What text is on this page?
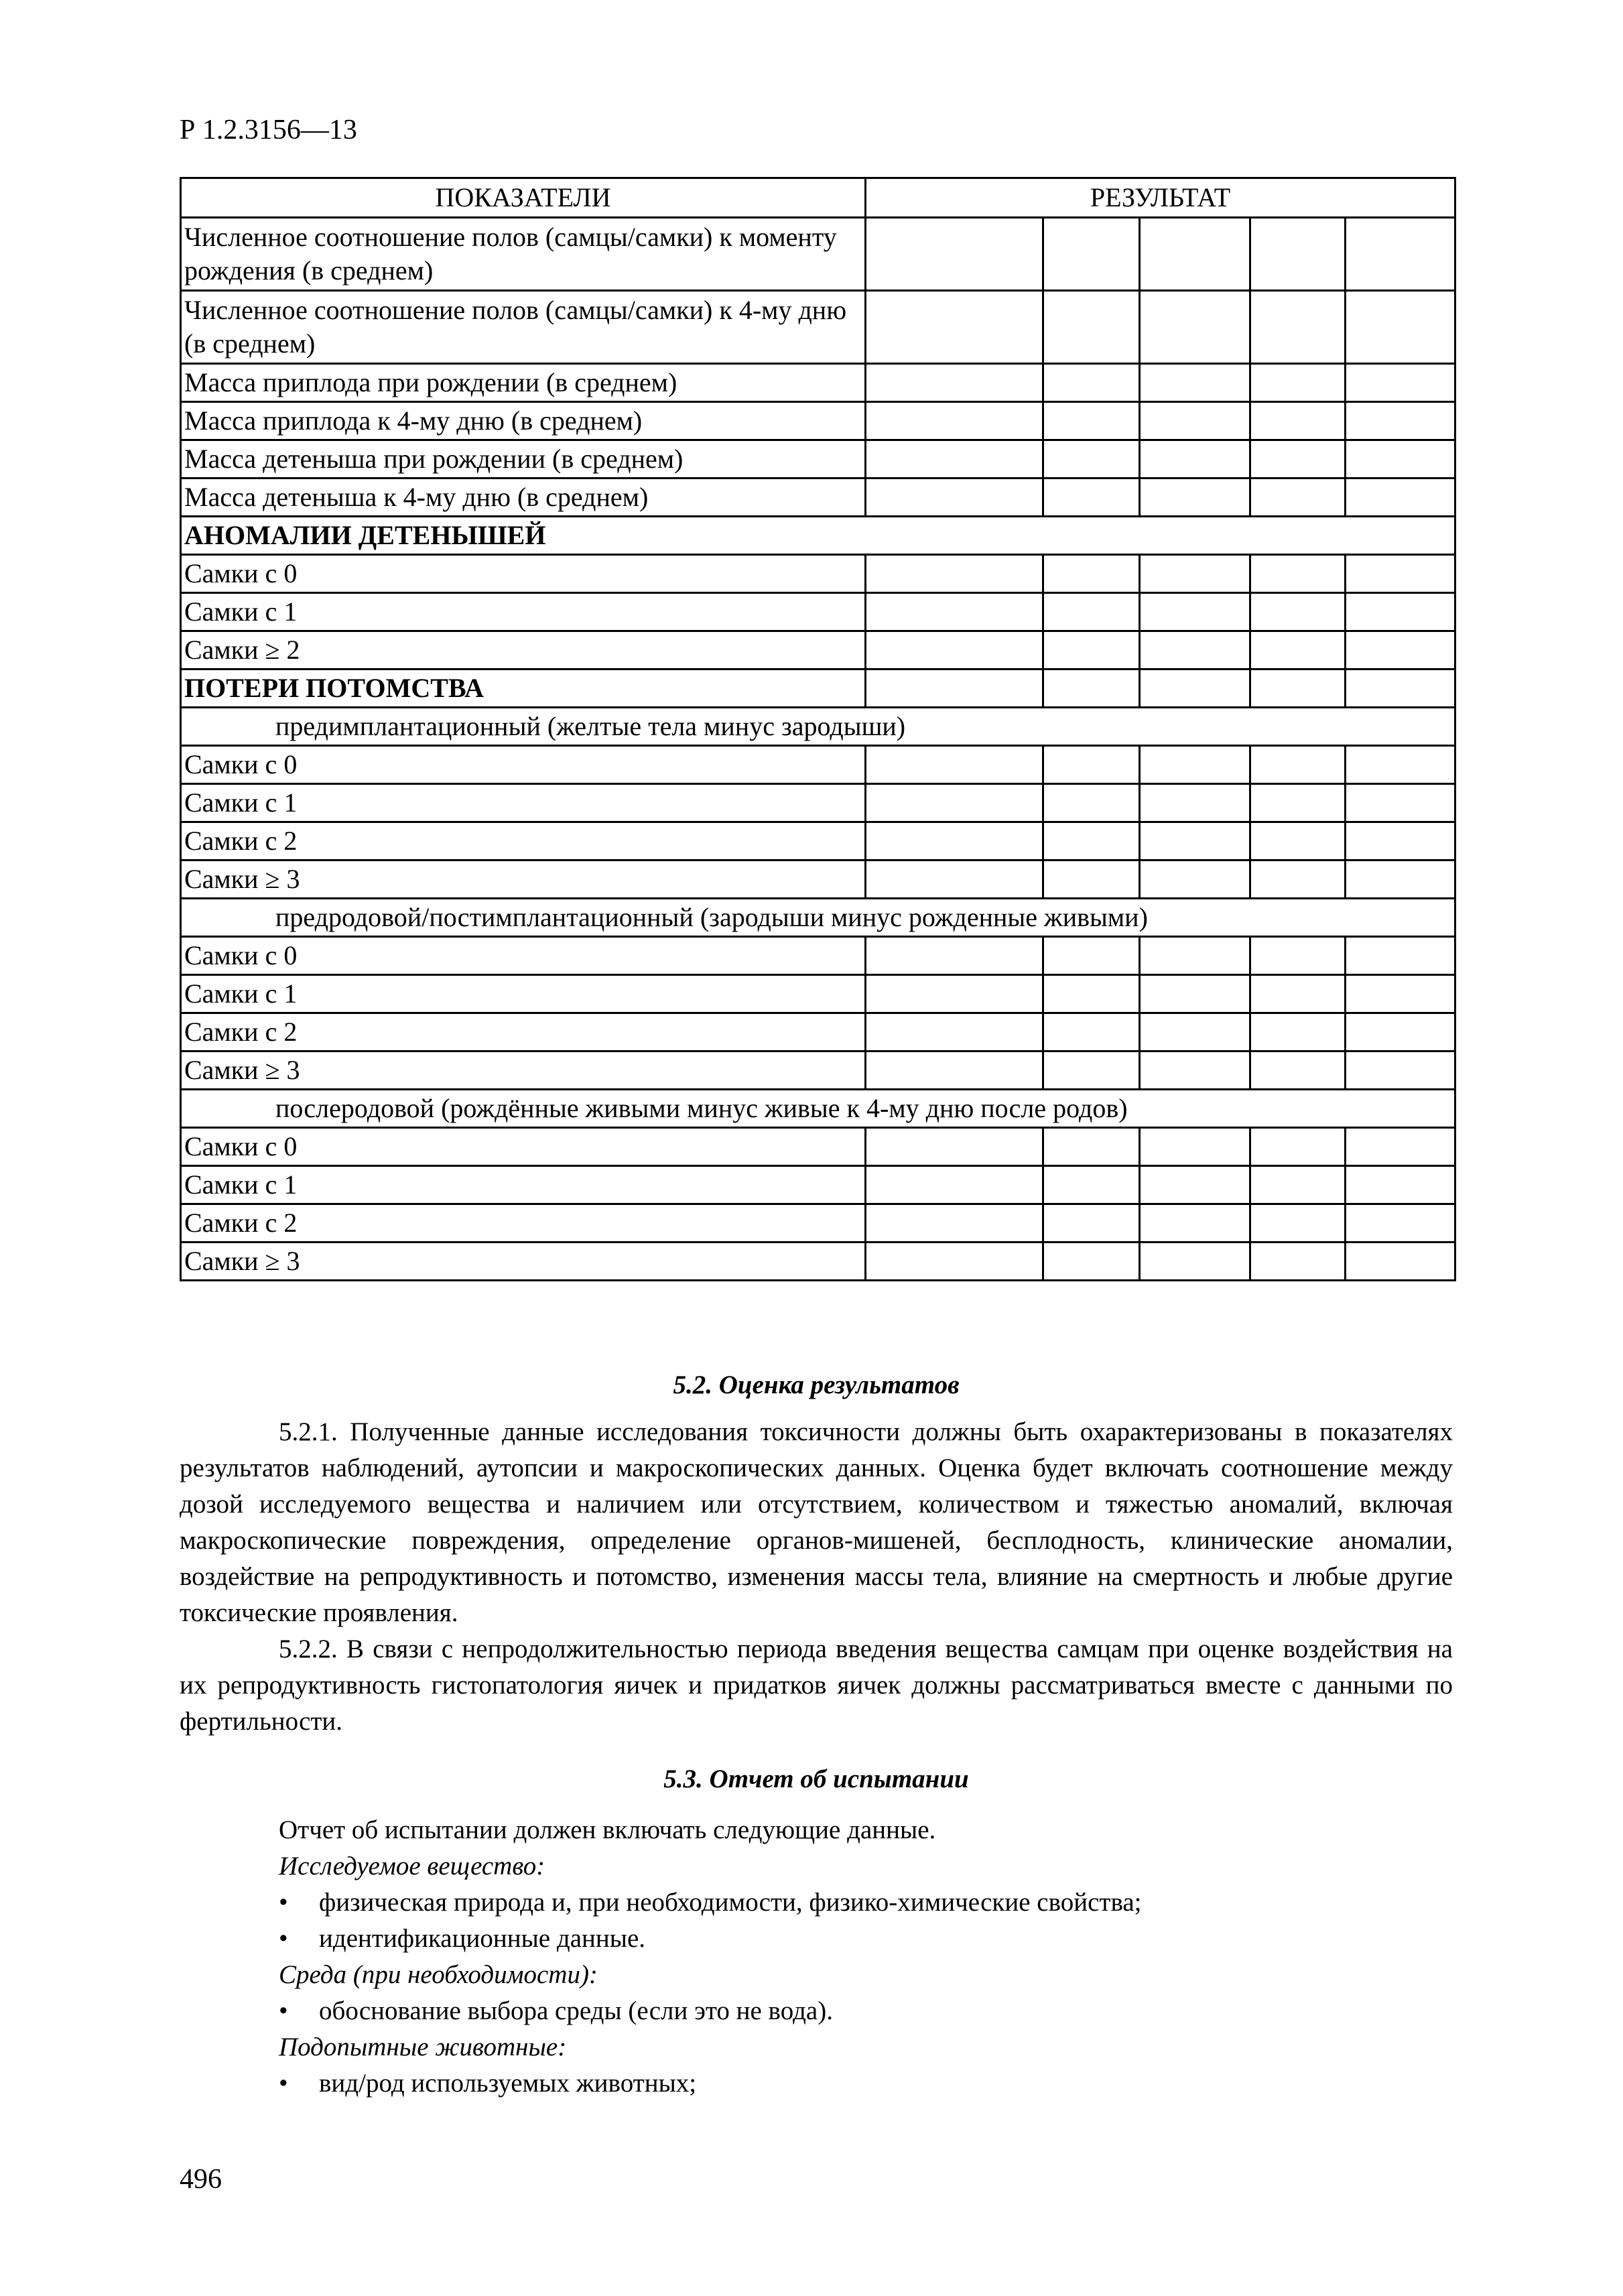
Р 1.2.3156—13
ПОКАЗАТЕЛИ	РЕЗУЛЬТАТ				
Численное соотношение полов (самцы/самки) к моменту рождения (в среднем)					
Численное соотношение полов (самцы/самки) к 4-му дню (в среднем)					
Масса приплода при рождении (в среднем)					
Масса приплода к 4-му дню (в среднем)					
Масса детеныша при рождении (в среднем)					
Масса детеныша к 4-му дню (в среднем)					
АНОМАЛИИ ДЕТЕНЫШЕЙ					
Самки с 0					
Самки с 1					
Самки ≥ 2					
ПОТЕРИ ПОТОМСТВА					
предимплантационный (желтые тела минус зародыши)					
Самки с 0					
Самки с 1					
Самки с 2					
Самки ≥ 3					
предродовой/постимплантационный (зародыши минус рожденные живыми)					
Самки с 0					
Самки с 1					
Самки с 2					
Самки ≥ 3					
послеродовой (рождённые живыми минус живые к 4-му дню после родов)					
Самки с 0					
Самки с 1					
Самки с 2					
Самки ≥ 3					
5.2. Оценка результатов

5.2.1. Полученные данные исследования токсичности должны быть охарактеризованы в показателях результатов наблюдений, аутопсии и макроскопических данных. Оценка будет включать соотношение между дозой исследуемого вещества и наличием или отсутствием, количеством и тяжестью аномалий, включая макроскопические повреждения, определение органов-мишеней, бесплодность, клинические аномалии, воздействие на репродуктивность и потомство, изменения массы тела, влияние на смертность и любые другие токсические проявления.

5.2.2. В связи с непродолжительностью периода введения вещества самцам при оценке воздействия на их репродуктивность гистопатология яичек и придатков яичек должны рассматриваться вместе с данными по фертильности.

5.3. Отчет об испытании

Отчет об испытании должен включать следующие данные.

Исследуемое вещество:

• физическая природа и, при необходимости, физико-химические свойства;

• идентификационные данные.

Среда (при необходимости):

• обоснование выбора среды (если это не вода).

Подопытные животные:

• вид/род используемых животных;

496
